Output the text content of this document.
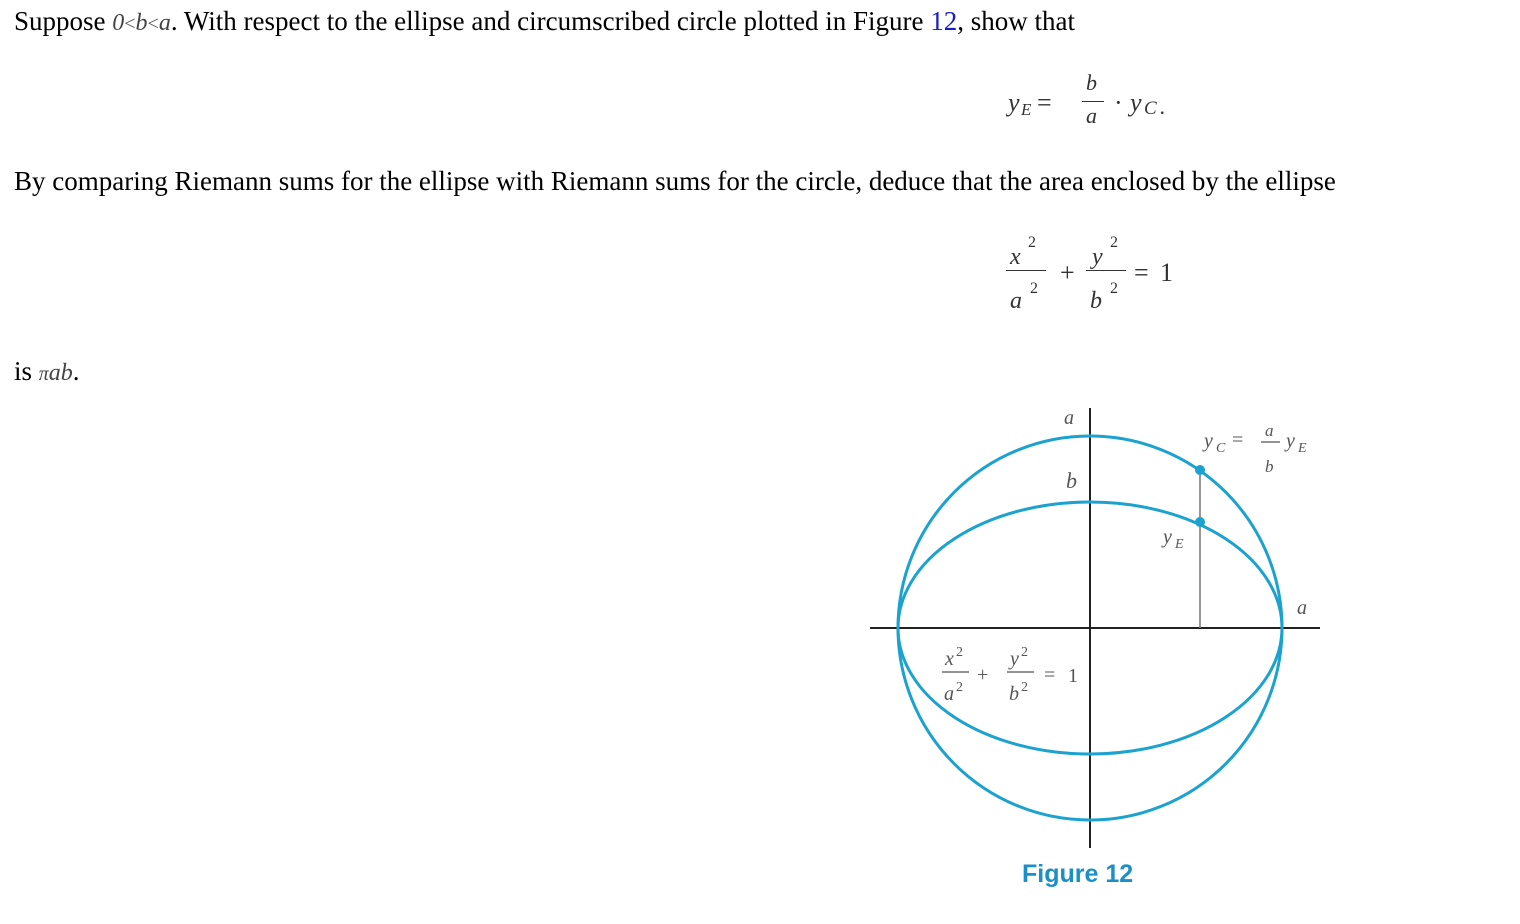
Suppose 0<b<a. With respect to the ellipse and circumscribed circle plotted in Figure 12, show that
y E =
b
a · y C .
By comparing Riemann sums for the ellipse with Riemann sums for the circle, deduce that the area enclosed by the ellipse
x
2
a 2
+
y
2
b 2
= 1
is πab.
a
b
a
y E
y C = a
b
E
y
x 2
a 2
+
y 2
b 2
= 1
Figure 12
